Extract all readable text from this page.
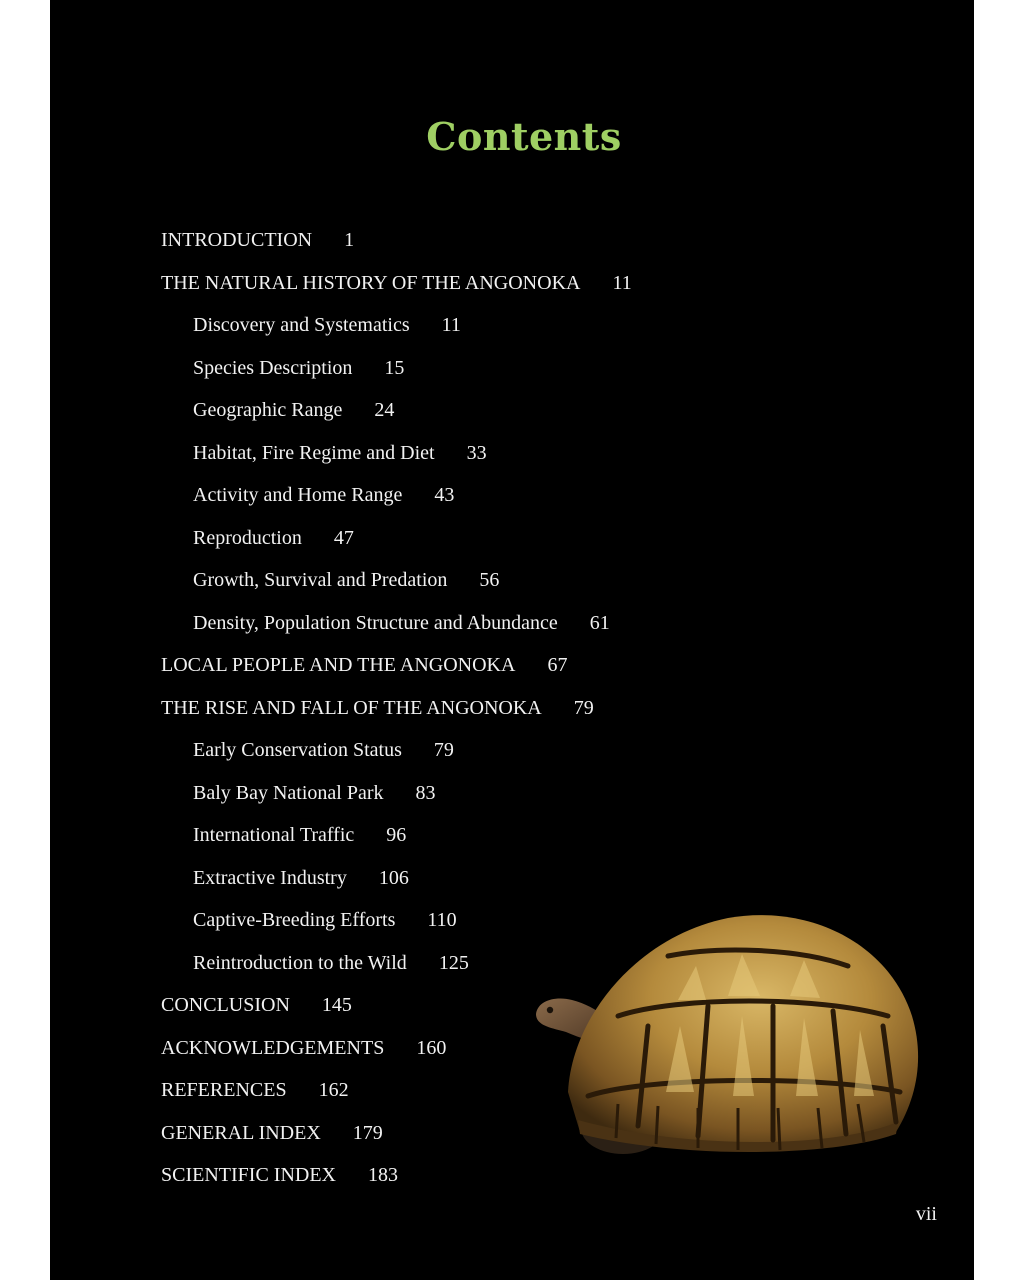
Contents
INTRODUCTION 1
THE NATURAL HISTORY OF THE ANGONOKA 11
Discovery and Systematics 11
Species Description 15
Geographic Range 24
Habitat, Fire Regime and Diet 33
Activity and Home Range 43
Reproduction 47
Growth, Survival and Predation 56
Density, Population Structure and Abundance 61
LOCAL PEOPLE AND THE ANGONOKA 67
THE RISE AND FALL OF THE ANGONOKA 79
Early Conservation Status 79
Baly Bay National Park 83
International Traffic 96
Extractive Industry 106
Captive-Breeding Efforts 110
Reintroduction to the Wild 125
CONCLUSION 145
ACKNOWLEDGEMENTS 160
REFERENCES 162
GENERAL INDEX 179
SCIENTIFIC INDEX 183
vii
